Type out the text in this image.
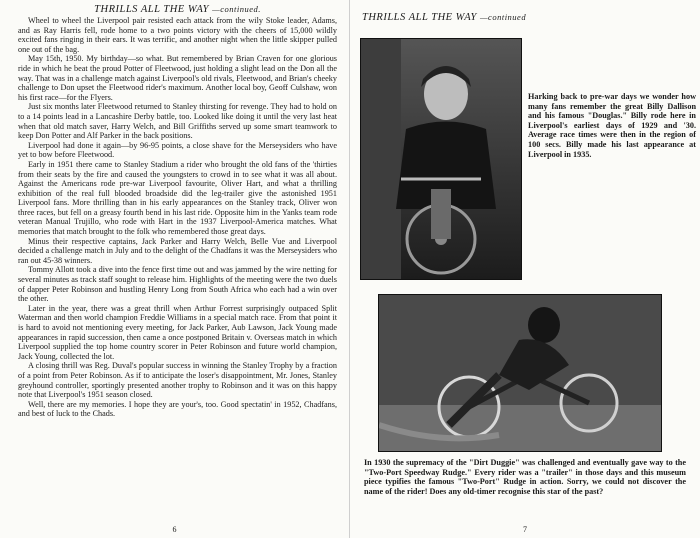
THRILLS ALL THE WAY —continued.

Wheel to wheel the Liverpool pair resisted each attack from the wily Stoke leader, Adams, and as Ray Harris fell, rode home to a two points victory with the cheers of 15,000 wildly excited fans ringing in their ears. It was terrific, and another night when the little skipper pulled one out of the bag.

May 15th, 1950. My birthday—so what. But remembered by Brian Craven for one glorious ride in which he beat the proud Potter of Fleetwood, just holding a slight lead on the Don all the way. That was in a challenge match against Liverpool's old rivals, Fleetwood, and Brian's cheeky challenge to Don upset the Fleetwood rider's maximum. Another local boy, Geoff Culshaw, won his first race—for the Flyers.

Just six months later Fleetwood returned to Stanley thirsting for revenge. They had to hold on to a 14 points lead in a Lancashire Derby battle, too. Looked like doing it until the very last heat when that old match saver, Harry Welch, and Bill Griffiths served up some smart teamwork to keep Don Potter and Alf Parker in the back positions.

Liverpool had done it again—by 96-95 points, a close shave for the Merseysiders who have yet to bow before Fleetwood.

Early in 1951 there came to Stanley Stadium a rider who brought the old fans of the 'thirties from their seats by the fire and caused the youngsters to crowd in to see what it was all about. Against the Americans rode pre-war Liverpool favourite, Oliver Hart, and what a thrilling exhibition of the real full blooded broadside did the leg-trailer give the astonished 1951 Liverpool fans. More thrilling than in his early appearances on the Stanley track, Oliver won three races, but fell on a greasy fourth bend in his last ride. Opposite him in the Yanks team rode veteran Manual Trujillo, who rode with Hart in the 1937 Liverpool-America matches. What memories that match brought to the folk who remembered those great days.

Minus their respective captains, Jack Parker and Harry Welch, Belle Vue and Liverpool decided a challenge match in July and to the delight of the Chadfans it was the Merseysiders who ran out 45-38 winners.

Tommy Allott took a dive into the fence first time out and was jammed by the wire netting for several minutes as track staff sought to release him. Highlights of the meeting were the two duels of dapper Peter Robinson and hustling Henry Long from South Africa who each had a win over the other.

Later in the year, there was a great thrill when Arthur Forrest surprisingly outpaced Split Waterman and then world champion Freddie Williams in a special match race. From that point it is hard to avoid not mentioning every meeting, for Jack Parker, Aub Lawson, Jack Young made appearances in rapid succession, then came a once postponed Britain v. Overseas match in which Liverpool supplied the top home country scorer in Peter Robinson and future world champion, Jack Young, collected the lot.

A closing thrill was Reg. Duval's popular success in winning the Stanley Trophy by a fraction of a point from Peter Robinson. As if to anticipate the loser's disappointment, Mr. Jones, Stanley greyhound controller, sportingly presented another trophy to Robinson and it was on this happy note that Liverpool's 1951 season closed.

Well, there are my memories. I hope they are your's, too. Good spectatin' in 1952, Chadfans, and best of luck to the Chads.

6
THRILLS ALL THE WAY —continued
Harking back to pre-war days we wonder how many fans remember the great Billy Dallison and his famous "Douglas." Billy rode here in Liverpool's earliest days of 1929 and '30. Average race times were then in the region of 100 secs. Billy made his last appearance at Liverpool in 1935.
In 1930 the supremacy of the "Dirt Duggie" was challenged and eventually gave way to the "Two-Port Speedway Rudge." Every rider was a "trailer" in those days and this museum piece typifies the famous "Two-Port" Rudge in action. Sorry, we could not discover the name of the rider! Does any old-timer recognise this star of the past?
7
